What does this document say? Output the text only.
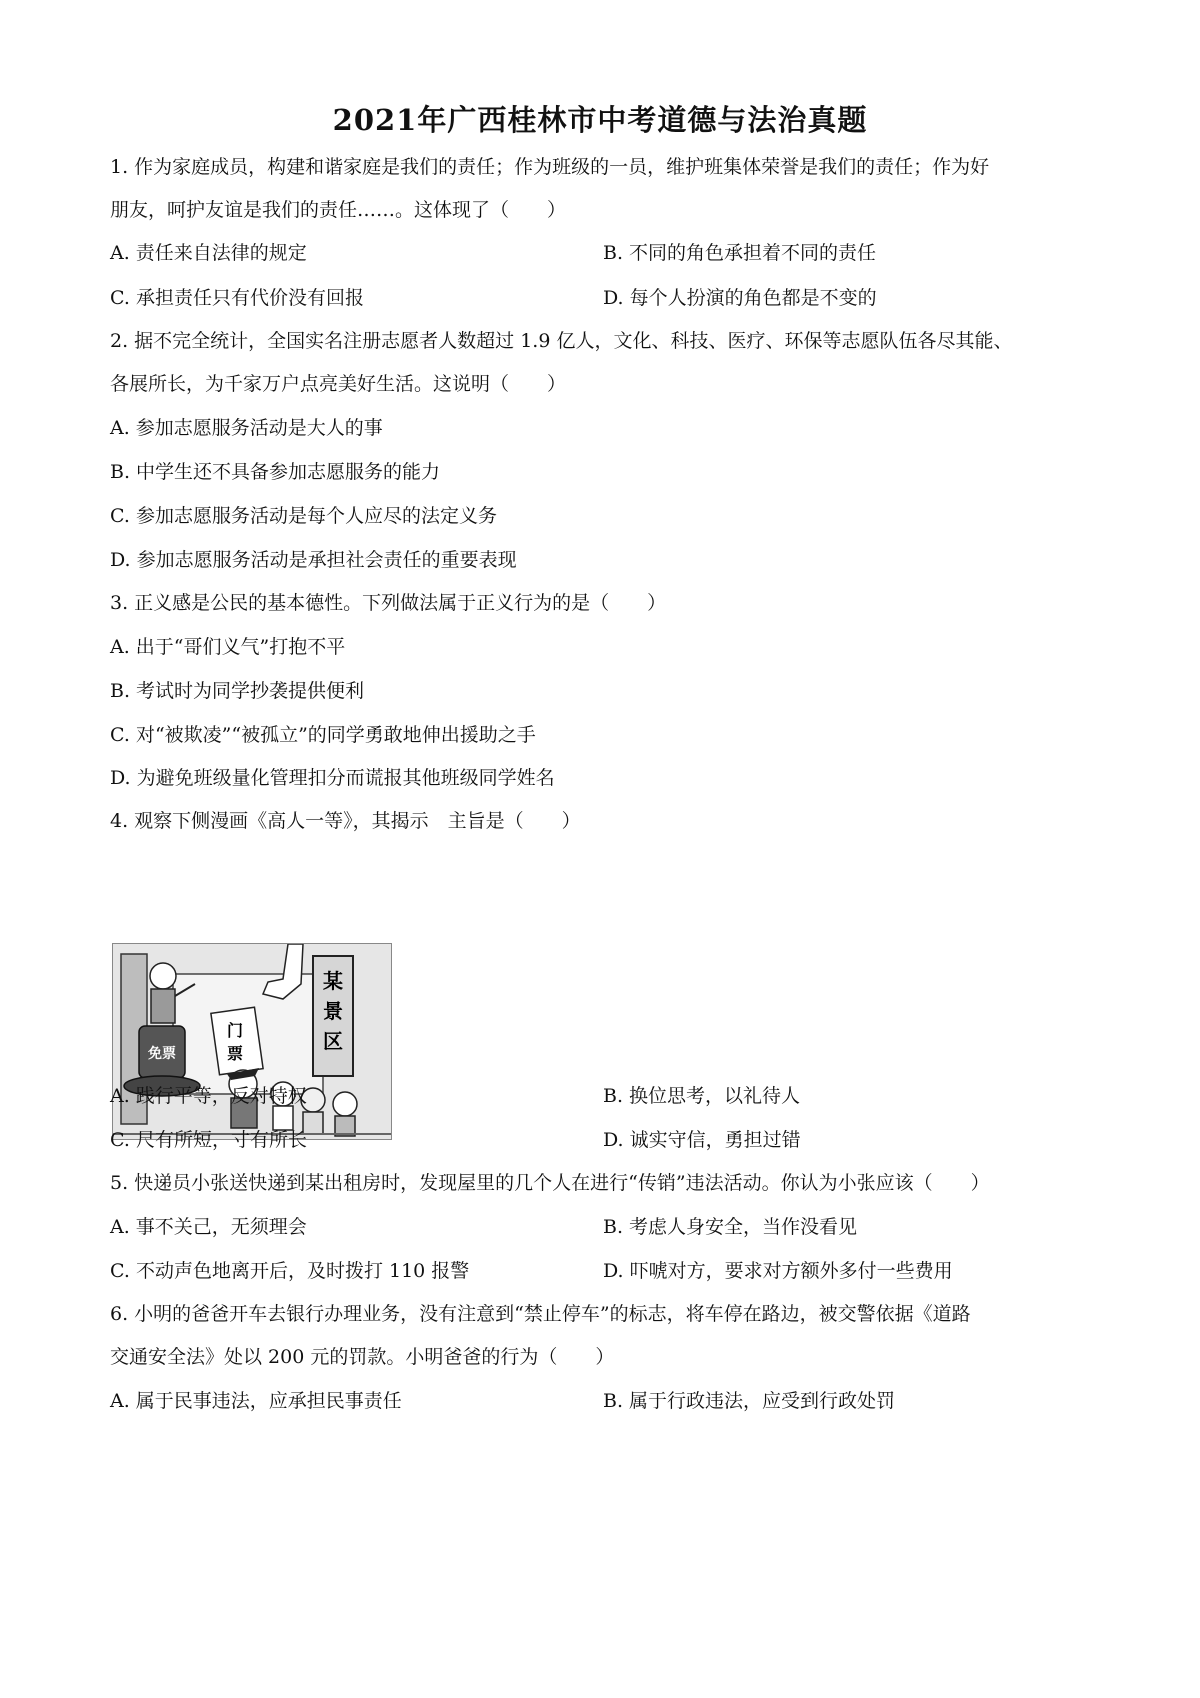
2021年广西桂林市中考道德与法治真题
1. 作为家庭成员，构建和谐家庭是我们的责任；作为班级的一员，维护班集体荣誉是我们的责任；作为好
朋友，呵护友谊是我们的责任……。这体现了（　　）
A. 责任来自法律的规定	B. 不同的角色承担着不同的责任
C. 承担责任只有代价没有回报	D. 每个人扮演的角色都是不变的
2. 据不完全统计，全国实名注册志愿者人数超过 1.9 亿人，文化、科技、医疗、环保等志愿队伍各尽其能、
各展所长，为千家万户点亮美好生活。这说明（　　）
A. 参加志愿服务活动是大人的事
B. 中学生还不具备参加志愿服务的能力
C. 参加志愿服务活动是每个人应尽的法定义务
D. 参加志愿服务活动是承担社会责任的重要表现
3. 正义感是公民的基本德性。下列做法属于正义行为的是（　　）
A. 出于“哥们义气”打抱不平
B. 考试时为同学抄袭提供便利
C. 对“被欺凌”“被孤立”的同学勇敢地伸出援助之手
D. 为避免班级量化管理扣分而谎报其他班级同学姓名
4. 观察下侧漫画《高人一等》，其揭示　主旨是（　　）
某
景
区
门
票
免票
A. 践行平等，反对特权	B. 换位思考，以礼待人
C. 尺有所短，寸有所长	D. 诚实守信，勇担过错
5. 快递员小张送快递到某出租房时，发现屋里的几个人在进行“传销”违法活动。你认为小张应该（　　）
A. 事不关己，无须理会	B. 考虑人身安全，当作没看见
C. 不动声色地离开后，及时拨打 110 报警	D. 吓唬对方，要求对方额外多付一些费用
6. 小明的爸爸开车去银行办理业务，没有注意到“禁止停车”的标志，将车停在路边，被交警依据《道路
交通安全法》处以 200 元的罚款。小明爸爸的行为（　　）
A. 属于民事违法，应承担民事责任	B. 属于行政违法，应受到行政处罚
